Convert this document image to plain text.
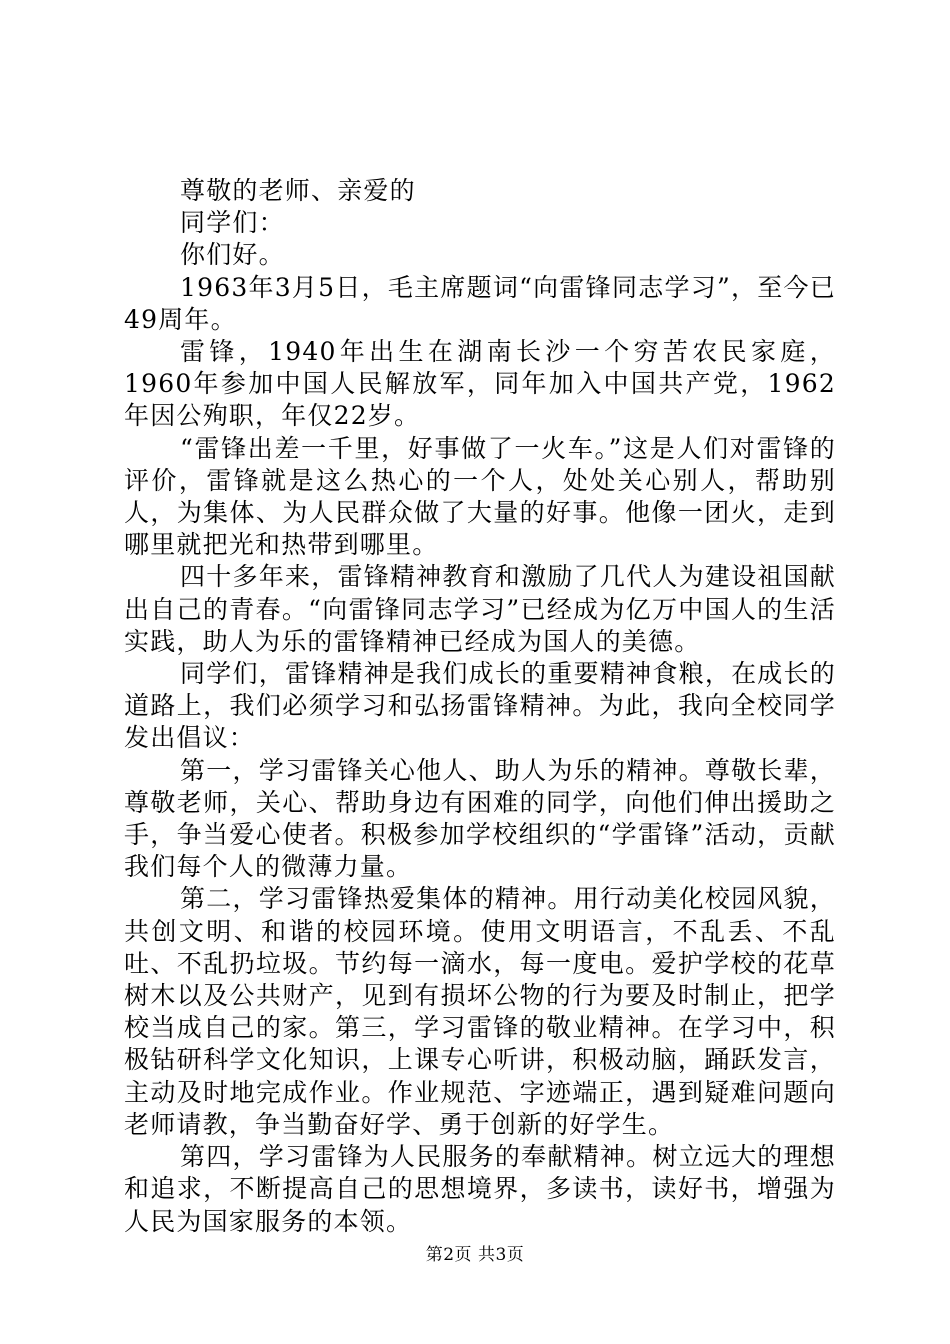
尊敬的老师、亲爱的

同学们：

你们好。

1963年3月5日，毛主席题词“向雷锋同志学习”，至今已49周年。

雷锋，1940年出生在湖南长沙一个穷苦农民家庭，1960年参加中国人民解放军，同年加入中国共产党，1962年因公殉职，年仅22岁。

“雷锋出差一千里，好事做了一火车。”这是人们对雷锋的评价，雷锋就是这么热心的一个人，处处关心别人，帮助别人，为集体、为人民群众做了大量的好事。他像一团火，走到哪里就把光和热带到哪里。

四十多年来，雷锋精神教育和激励了几代人为建设祖国献出自己的青春。“向雷锋同志学习”已经成为亿万中国人的生活实践，助人为乐的雷锋精神已经成为国人的美德。

同学们，雷锋精神是我们成长的重要精神食粮，在成长的道路上，我们必须学习和弘扬雷锋精神。为此，我向全校同学发出倡议：

第一，学习雷锋关心他人、助人为乐的精神。尊敬长辈，尊敬老师，关心、帮助身边有困难的同学，向他们伸出援助之手，争当爱心使者。积极参加学校组织的“学雷锋”活动，贡献我们每个人的微薄力量。

第二，学习雷锋热爱集体的精神。用行动美化校园风貌，共创文明、和谐的校园环境。使用文明语言，不乱丢、不乱吐、不乱扔垃圾。节约每一滴水，每一度电。爱护学校的花草树木以及公共财产，见到有损坏公物的行为要及时制止，把学校当成自己的家。第三，学习雷锋的敬业精神。在学习中，积极钻研科学文化知识，上课专心听讲，积极动脑，踊跃发言，主动及时地完成作业。作业规范、字迹端正，遇到疑难问题向老师请教，争当勤奋好学、勇于创新的好学生。

第四，学习雷锋为人民服务的奉献精神。树立远大的理想和追求，不断提高自己的思想境界，多读书，读好书，增强为人民为国家服务的本领。

第2页 共3页
